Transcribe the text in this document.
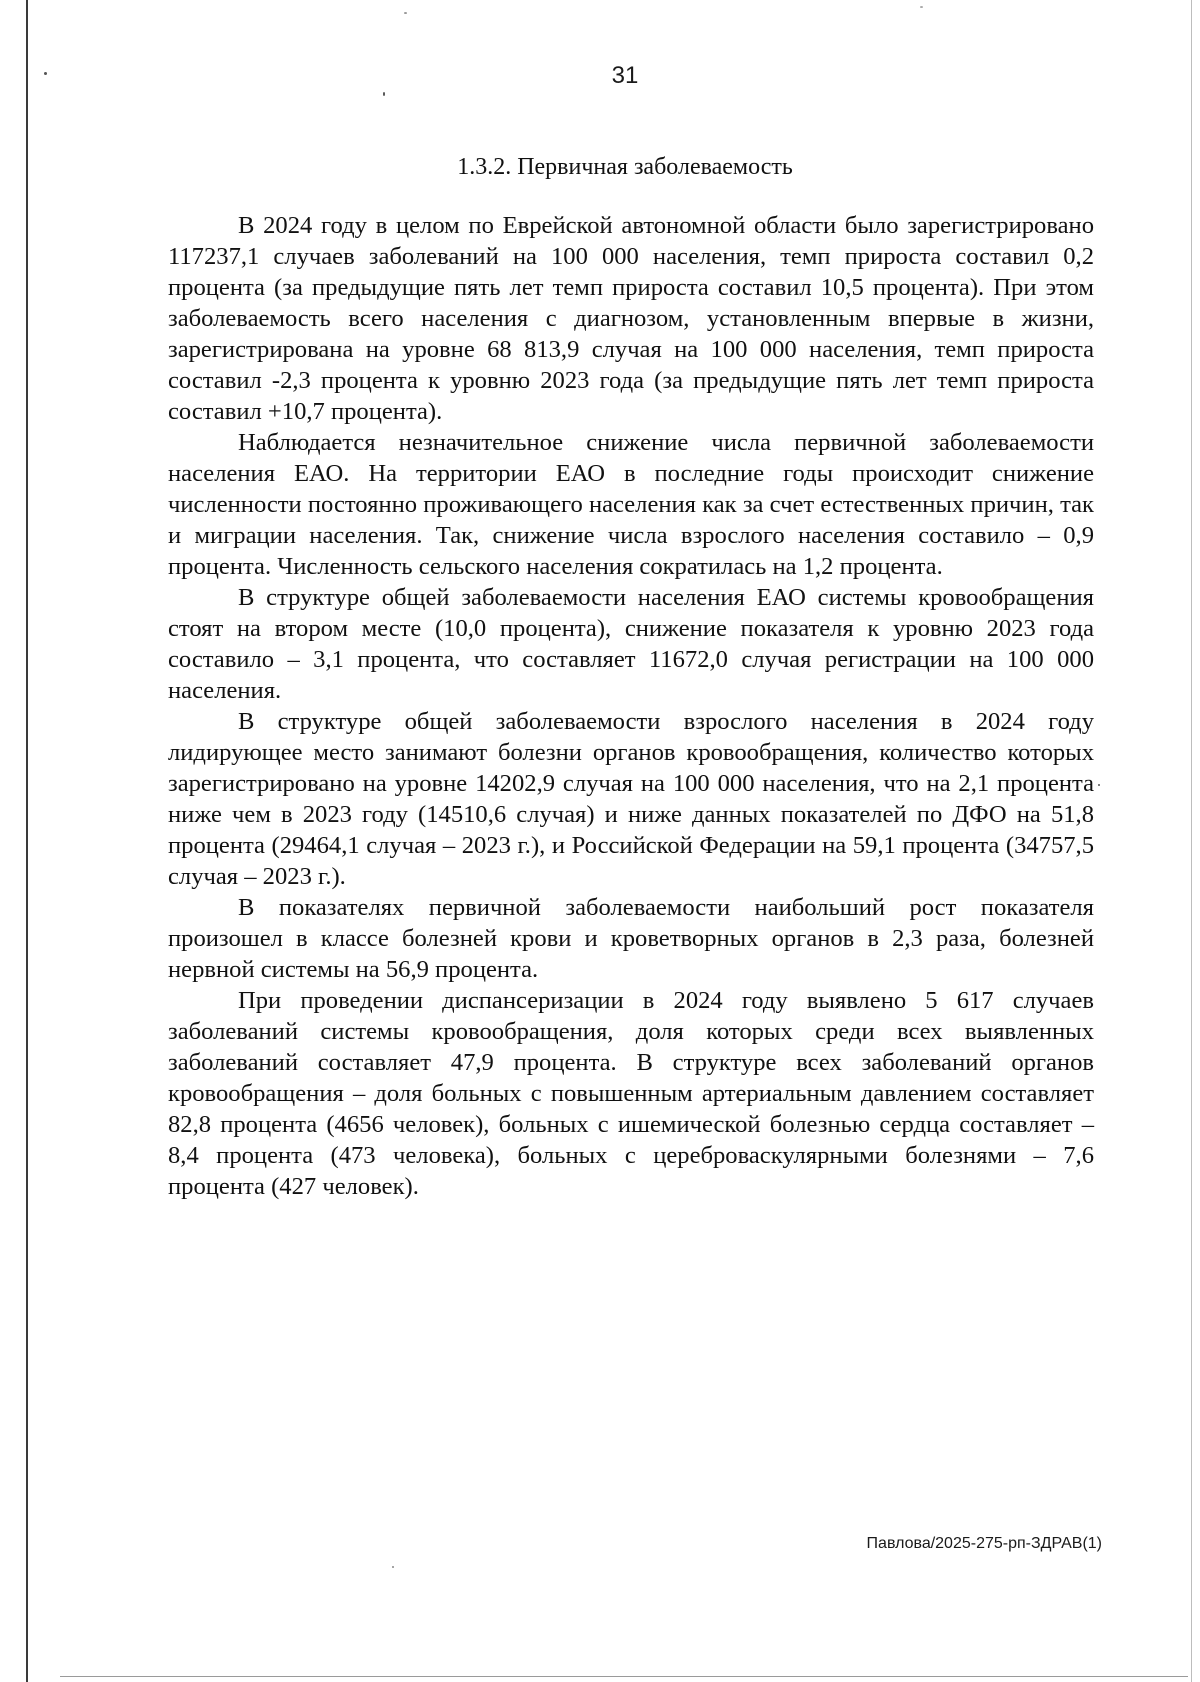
31
1.3.2. Первичная заболеваемость

В 2024 году в целом по Еврейской автономной области было зарегистрировано 117237,1 случаев заболеваний на 100 000 населения, темп прироста составил 0,2 процента (за предыдущие пять лет темп прироста составил 10,5 процента). При этом заболеваемость всего населения с диагнозом, установленным впервые в жизни, зарегистрирована на уровне 68 813,9 случая на 100 000 населения, темп прироста составил -2,3 процента к уровню 2023 года (за предыдущие пять лет темп прироста составил +10,7 процента).

Наблюдается незначительное снижение числа первичной заболеваемости населения ЕАО. На территории ЕАО в последние годы происходит снижение численности постоянно проживающего населения как за счет естественных причин, так и миграции населения. Так, снижение числа взрослого населения составило – 0,9 процента. Численность сельского населения сократилась на 1,2 процента.

В структуре общей заболеваемости населения ЕАО системы кровообращения стоят на втором месте (10,0 процента), снижение показателя к уровню 2023 года составило – 3,1 процента, что составляет 11672,0 случая регистрации на 100 000 населения.

В структуре общей заболеваемости взрослого населения в 2024 году лидирующее место занимают болезни органов кровообращения, количество которых зарегистрировано на уровне 14202,9 случая на 100 000 населения, что на 2,1 процента ниже чем в 2023 году (14510,6 случая) и ниже данных показателей по ДФО на 51,8 процента (29464,1 случая – 2023 г.), и Российской Федерации на 59,1 процента (34757,5 случая – 2023 г.).

В показателях первичной заболеваемости наибольший рост показателя произошел в классе болезней крови и кроветворных органов в 2,3 раза, болезней нервной системы на 56,9 процента.

При проведении диспансеризации в 2024 году выявлено 5 617 случаев заболеваний системы кровообращения, доля которых среди всех выявленных заболеваний составляет 47,9 процента. В структуре всех заболеваний органов кровообращения – доля больных с повышенным артериальным давлением составляет 82,8 процента (4656 человек), больных с ишемической болезнью сердца составляет – 8,4 процента (473 человека), больных с цереброваскулярными болезнями – 7,6 процента (427 человек).

Павлова/2025-275-рп-ЗДРАВ(1)
